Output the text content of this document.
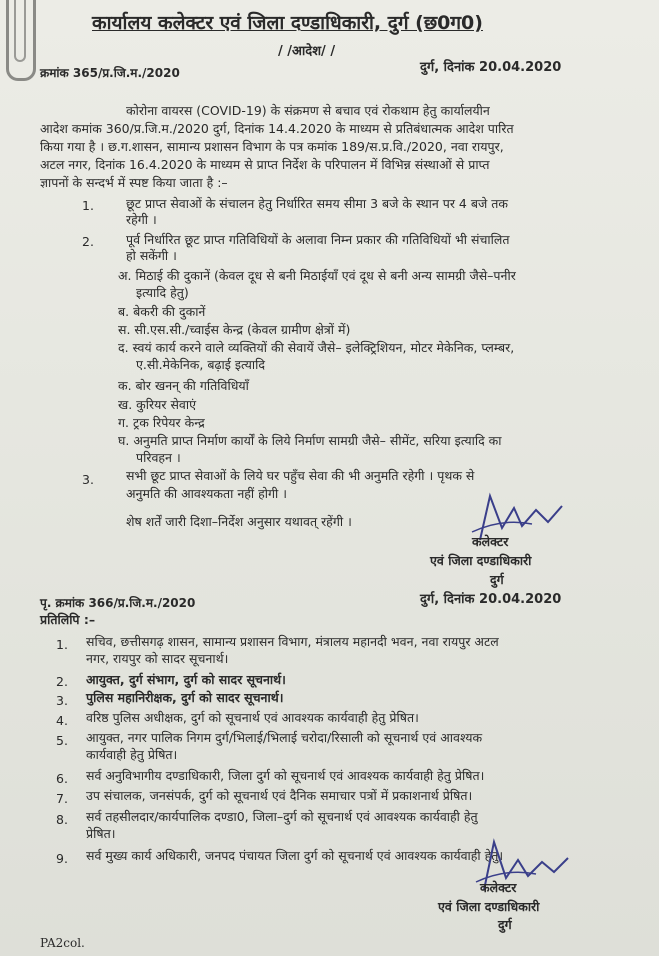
कार्यालय कलेक्टर एवं जिला दण्डाधिकारी, दुर्ग (छ0ग0)
/ /आदेश/ /
क्रमांक 365/प्र.जि.म./2020	दुर्ग, दिनांक 20.04.2020
कोरोना वायरस (COVID-19) के संक्रमण से बचाव एवं रोकथाम हेतु कार्यालयीन
आदेश कमांक 360/प्र.जि.म./2020 दुर्ग, दिनांक 14.4.2020 के माध्यम से प्रतिबंधात्मक आदेश पारित
किया गया है । छ.ग.शासन, सामान्य प्रशासन विभाग के पत्र कमांक 189/स.प्र.वि./2020, नवा रायपुर,
अटल नगर, दिनांक 16.4.2020 के माध्यम से प्राप्त निर्देश के परिपालन में विभिन्न संस्थाओं से प्राप्त
ज्ञापनों के सन्दर्भ में स्पष्ट किया जाता है :–
1.	छूट प्राप्त सेवाओं के संचालन हेतु निर्धारित समय सीमा 3 बजे के स्थान पर 4 बजे तक
रहेगी ।
2.	पूर्व निर्धारित छूट प्राप्त गतिविधियों के अलावा निम्न प्रकार की गतिविधियों भी संचालित
हो सकेंगी ।
अ. मिठाई की दुकानें (केवल दूध से बनी मिठाईयाँ एवं दूध से बनी अन्य सामग्री जैसे–पनीर
इत्यादि हेतु)
ब. बेकरी की दुकानें
स. सी.एस.सी./च्वाईस केन्द्र (केवल ग्रामीण क्षेत्रों में)
द. स्वयं कार्य करने वाले व्यक्तियों की सेवायें जैसे– इलेक्ट्रिशियन, मोटर मेकेनिक, प्लम्बर,
ए.सी.मेकेनिक, बढ़ाई इत्यादि
क. बोर खनन् की गतिविधियाँ
ख. कुरियर सेवाएं
ग. ट्रक रिपेयर केन्द्र
घ. अनुमति प्राप्त निर्माण कार्यों के लिये निर्माण सामग्री जैसे– सीमेंट, सरिया इत्यादि का
परिवहन ।
3.	सभी छूट प्राप्त सेवाओं के लिये घर पहुँच सेवा की भी अनुमति रहेगी । पृथक से
अनुमति की आवश्यकता नहीं होगी ।
शेष शर्तें जारी दिशा–निर्देश अनुसार यथावत् रहेंगी ।
कलेक्टर
एवं जिला दण्डाधिकारी
दुर्ग
पृ. क्रमांक 366/प्र.जि.म./2020	दुर्ग, दिनांक 20.04.2020
प्रतिलिपि :–
1. सचिव, छत्तीसगढ़ शासन, सामान्य प्रशासन विभाग, मंत्रालय महानदी भवन, नवा रायपुर अटल
नगर, रायपुर को सादर सूचनार्थ।
2. आयुक्त, दुर्ग संभाग, दुर्ग को सादर सूचनार्थ।
3. पुलिस महानिरीक्षक, दुर्ग को सादर सूचनार्थ।
4. वरिष्ठ पुलिस अधीक्षक, दुर्ग को सूचनार्थ एवं आवश्यक कार्यवाही हेतु प्रेषित।
5. आयुक्त, नगर पालिक निगम दुर्ग/भिलाई/भिलाई चरोदा/रिसाली को सूचनार्थ एवं आवश्यक
कार्यवाही हेतु प्रेषित।
6. सर्व अनुविभागीय दण्डाधिकारी, जिला दुर्ग को सूचनार्थ एवं आवश्यक कार्यवाही हेतु प्रेषित।
7. उप संचालक, जनसंपर्क, दुर्ग को सूचनार्थ एवं दैनिक समाचार पत्रों में प्रकाशनार्थ प्रेषित।
8. सर्व तहसीलदार/कार्यपालिक दण्डा0, जिला–दुर्ग को सूचनार्थ एवं आवश्यक कार्यवाही हेतु
प्रेषित।
9. सर्व मुख्य कार्य अधिकारी, जनपद पंचायत जिला दुर्ग को सूचनार्थ एवं आवश्यक कार्यवाही हेतु।
कलेक्टर
एवं जिला दण्डाधिकारी
दुर्ग
PA2col.
